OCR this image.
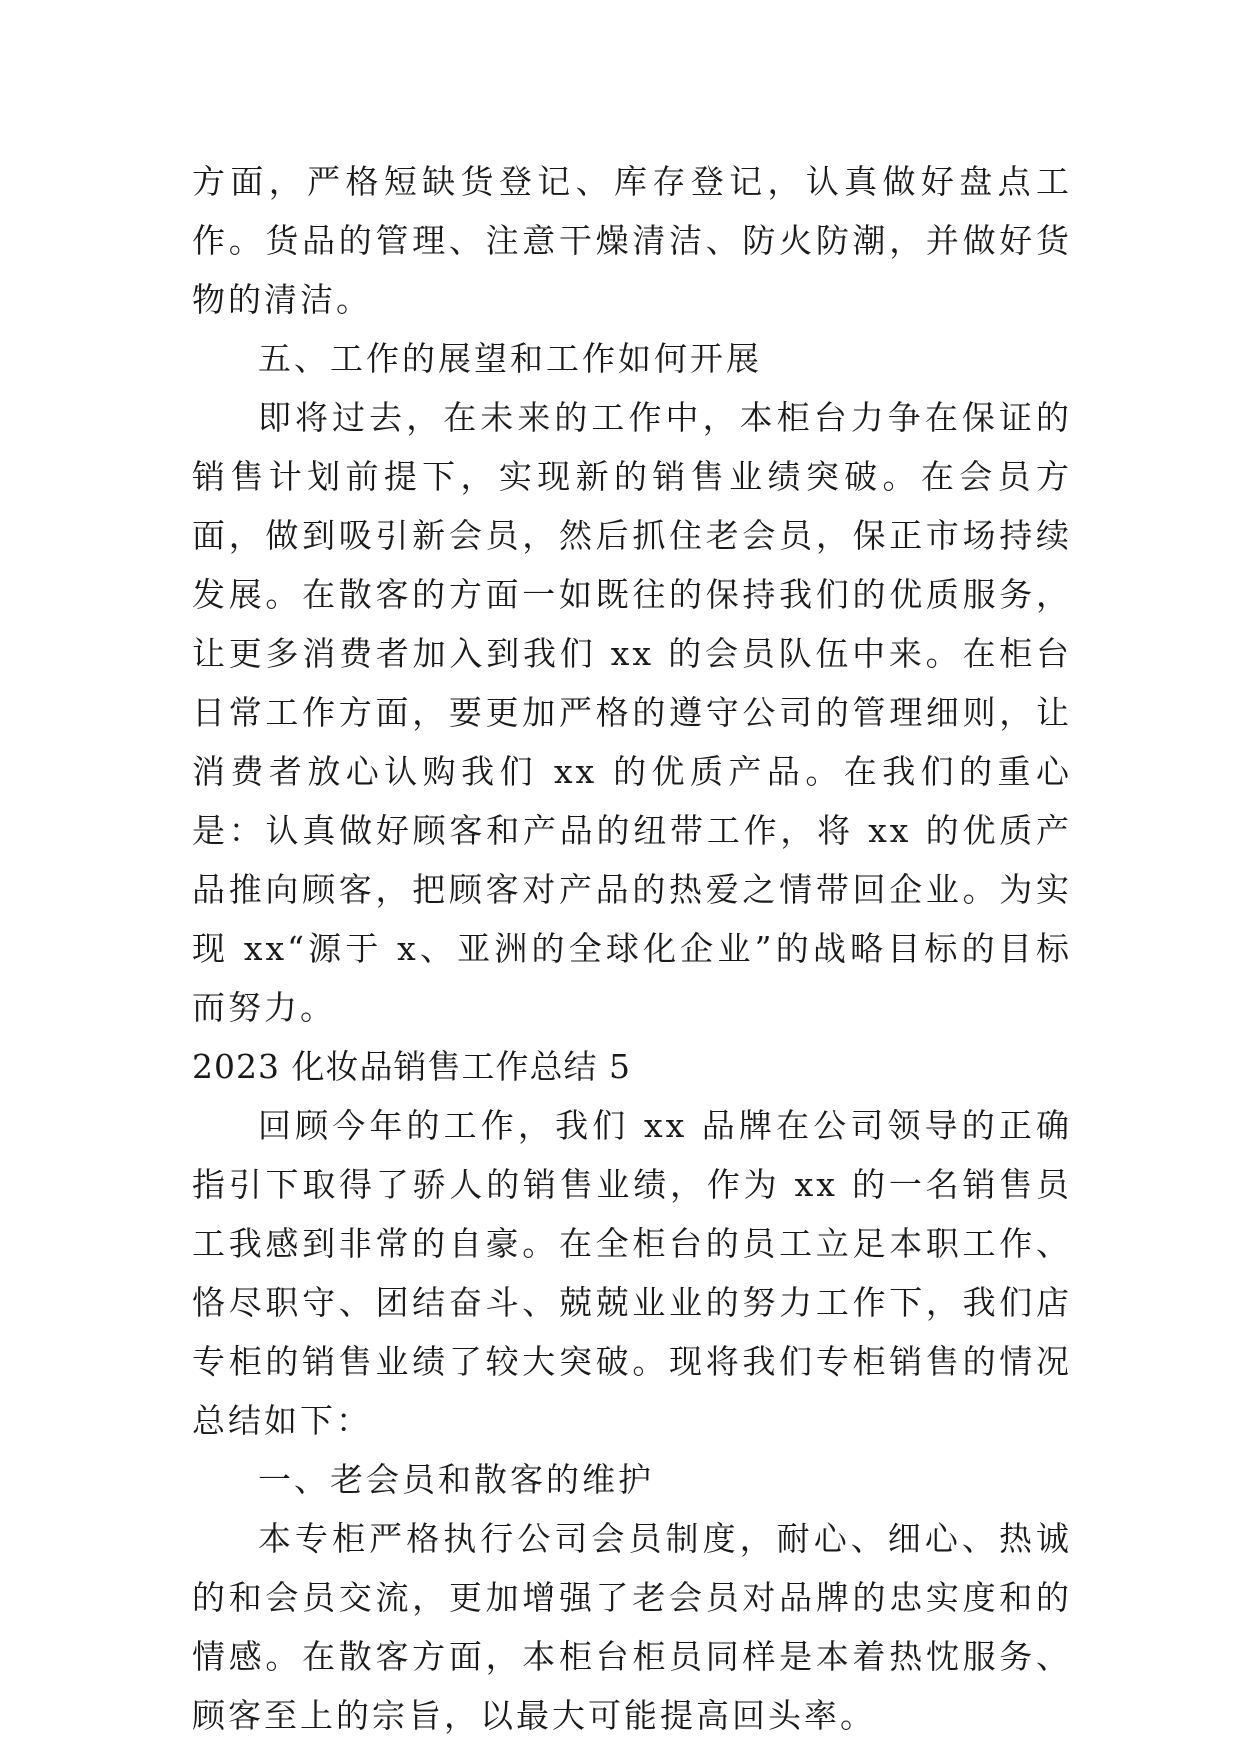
方面，严格短缺货登记、库存登记，认真做好盘点工作。货品的管理、注意干燥清洁、防火防潮，并做好货物的清洁。

五、工作的展望和工作如何开展

即将过去，在未来的工作中，本柜台力争在保证的销售计划前提下，实现新的销售业绩突破。在会员方面，做到吸引新会员，然后抓住老会员，保正市场持续发展。在散客的方面一如既往的保持我们的优质服务，让更多消费者加入到我们 xx 的会员队伍中来。在柜台日常工作方面，要更加严格的遵守公司的管理细则，让消费者放心认购我们 xx 的优质产品。在我们的重心是：认真做好顾客和产品的纽带工作，将 xx 的优质产品推向顾客，把顾客对产品的热爱之情带回企业。为实现 xx“源于 x、亚洲的全球化企业”的战略目标的目标而努力。

2023 化妆品销售工作总结 5

回顾今年的工作，我们 xx 品牌在公司领导的正确指引下取得了骄人的销售业绩，作为 xx 的一名销售员工我感到非常的自豪。在全柜台的员工立足本职工作、恪尽职守、团结奋斗、兢兢业业的努力工作下，我们店专柜的销售业绩了较大突破。现将我们专柜销售的情况总结如下：

一、老会员和散客的维护

本专柜严格执行公司会员制度，耐心、细心、热诚的和会员交流，更加增强了老会员对品牌的忠实度和的情感。在散客方面，本柜台柜员同样是本着热忱服务、顾客至上的宗旨，以最大可能提高回头率。
